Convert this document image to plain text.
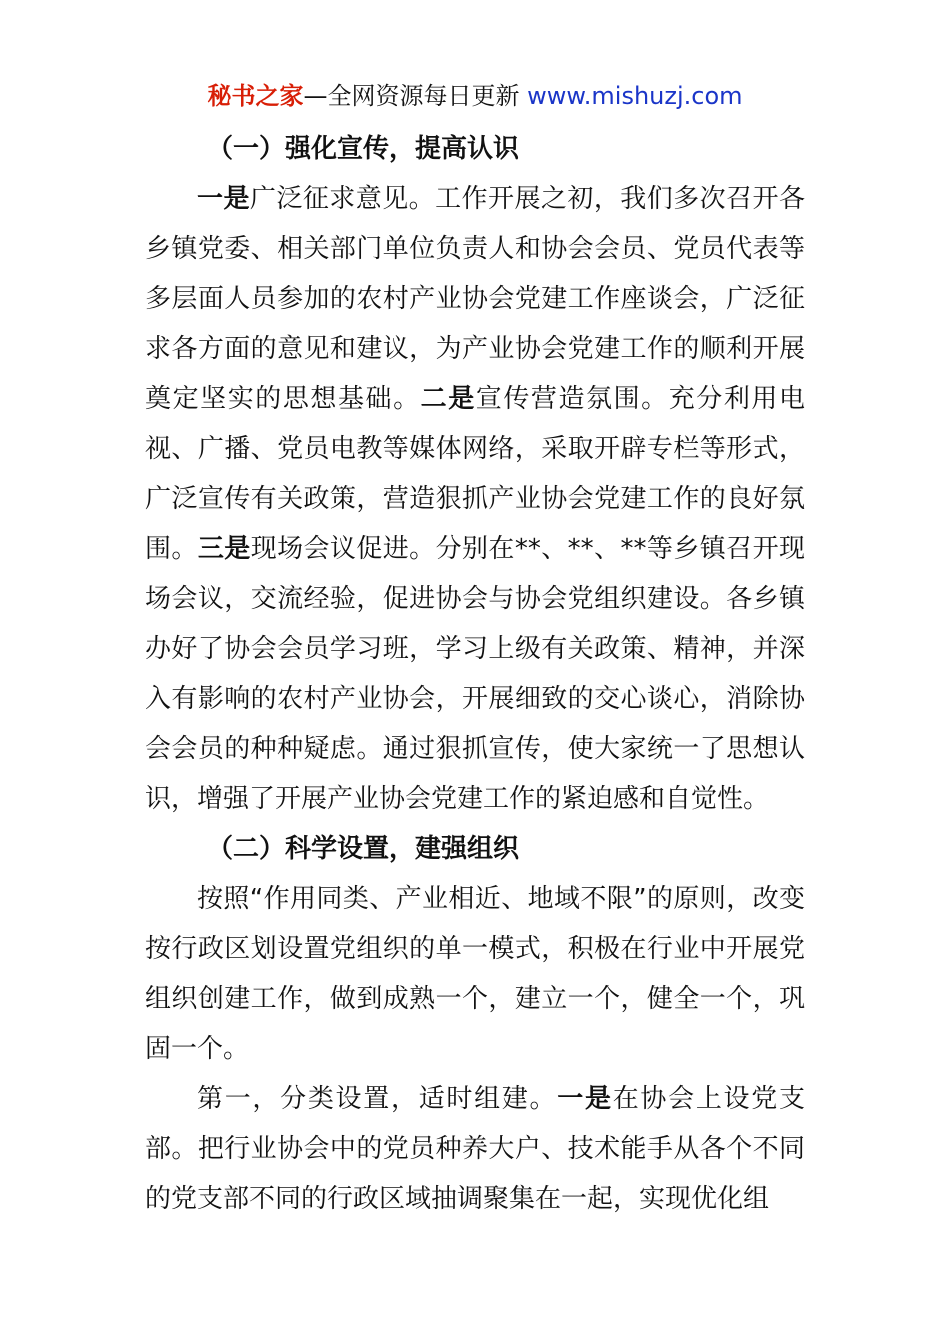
秘书之家—全网资源每日更新 www.mishuzj.com

（一）强化宣传，提高认识

一是广泛征求意见。工作开展之初，我们多次召开各乡镇党委、相关部门单位负责人和协会会员、党员代表等多层面人员参加的农村产业协会党建工作座谈会，广泛征求各方面的意见和建议，为产业协会党建工作的顺利开展奠定坚实的思想基础。二是宣传营造氛围。充分利用电视、广播、党员电教等媒体网络，采取开辟专栏等形式，广泛宣传有关政策，营造狠抓产业协会党建工作的良好氛围。三是现场会议促进。分别在**、**、**等乡镇召开现场会议，交流经验，促进协会与协会党组织建设。各乡镇办好了协会会员学习班，学习上级有关政策、精神，并深入有影响的农村产业协会，开展细致的交心谈心，消除协会会员的种种疑虑。通过狠抓宣传，使大家统一了思想认识，增强了开展产业协会党建工作的紧迫感和自觉性。

（二）科学设置，建强组织

按照“作用同类、产业相近、地域不限”的原则，改变按行政区划设置党组织的单一模式，积极在行业中开展党组织创建工作，做到成熟一个，建立一个，健全一个，巩固一个。

第一，分类设置，适时组建。一是在协会上设党支部。把行业协会中的党员种养大户、技术能手从各个不同的党支部不同的行政区域抽调聚集在一起，实现优化组
